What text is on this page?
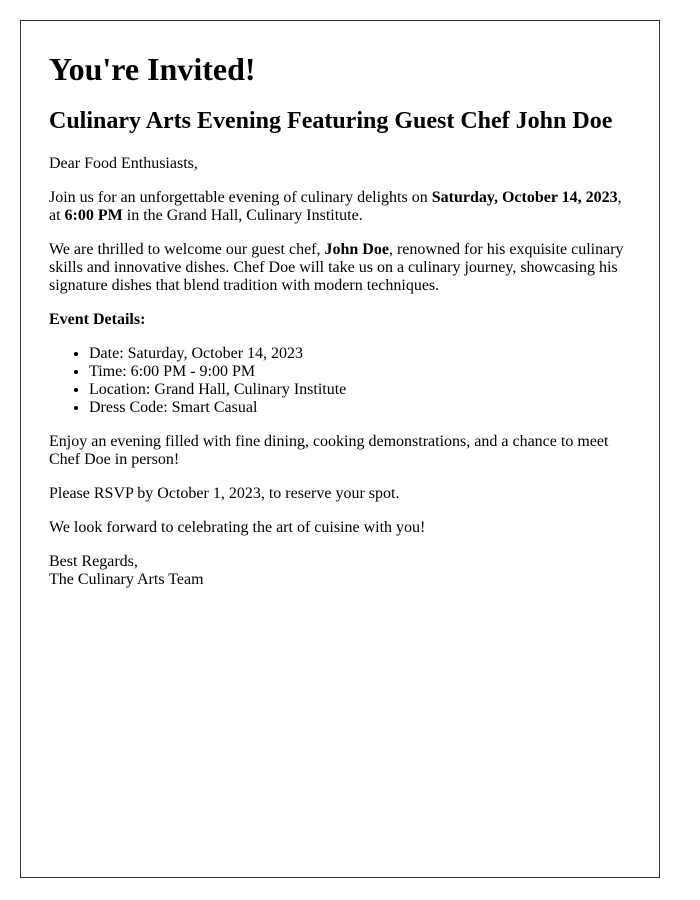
You're Invited!
Culinary Arts Evening Featuring Guest Chef John Doe

Dear Food Enthusiasts,

Join us for an unforgettable evening of culinary delights on Saturday, October 14, 2023, at 6:00 PM in the Grand Hall, Culinary Institute.

We are thrilled to welcome our guest chef, John Doe, renowned for his exquisite culinary skills and innovative dishes. Chef Doe will take us on a culinary journey, showcasing his signature dishes that blend tradition with modern techniques.

Event Details:

• Date: Saturday, October 14, 2023
• Time: 6:00 PM - 9:00 PM
• Location: Grand Hall, Culinary Institute
• Dress Code: Smart Casual

Enjoy an evening filled with fine dining, cooking demonstrations, and a chance to meet Chef Doe in person!

Please RSVP by October 1, 2023, to reserve your spot.

We look forward to celebrating the art of cuisine with you!

Best Regards,
The Culinary Arts Team
